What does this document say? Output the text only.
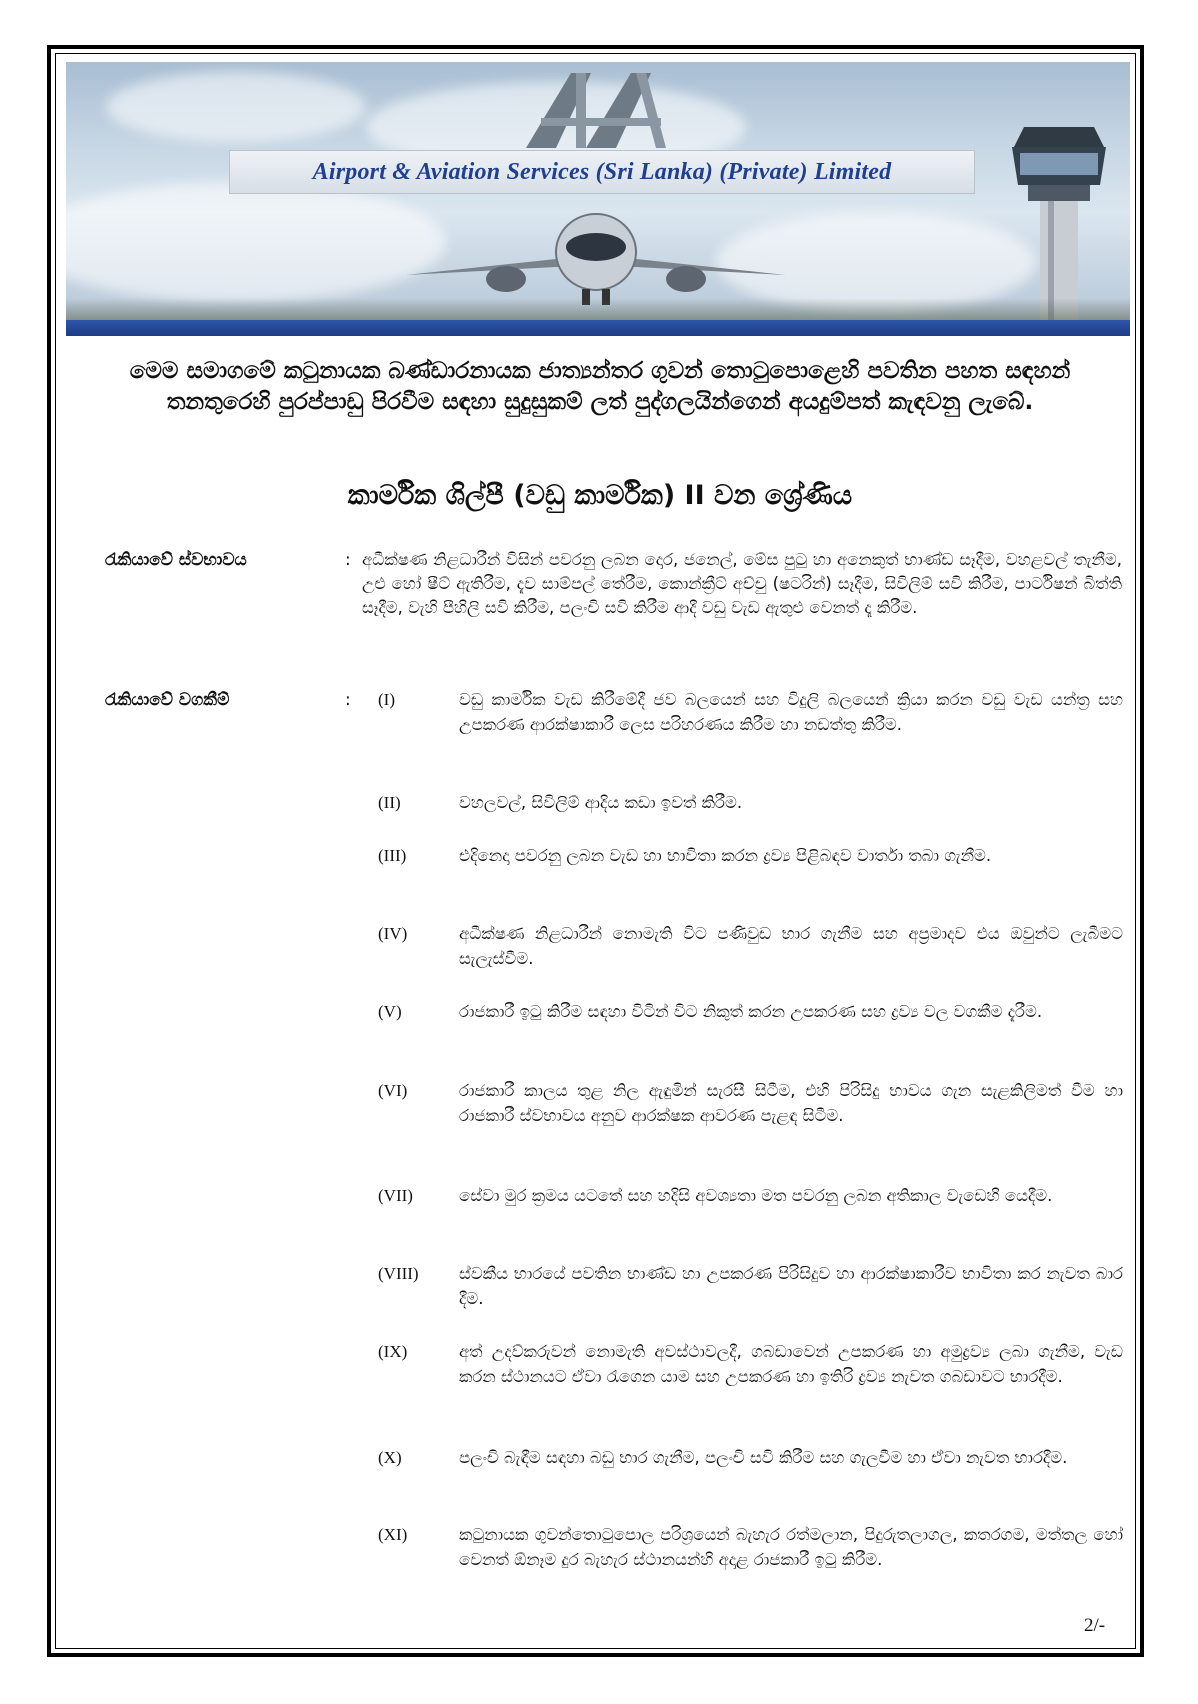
Airport & Aviation Services (Sri Lanka) (Private) Limited
මෙම සමාගමේ කටුනායක බණ්ඩාරනායක ජාත්‍යන්තර ගුවන් තොටුපොළෙහි පවතින පහත සඳහන් තනතුරෙහි පුරප්පාඩු පිරවීම සඳහා සුදුසුකම් ලත් පුද්ගලයින්ගෙන් අයදුම්පත් කැඳවනු ලැබේ.
කාර්මික ශිල්පී (වඩු කාර්මික) II වන ශ්‍රේණිය
රැකියාවේ ස්වභාවය	: අධීක්ෂණ නිළධාරීන් විසින් පවරනු ලබන දොර, ජනෙල්, මේස පුටු හා අනෙකුත් භාණ්ඩ සෑදීම, වහළවල් තැනීම, උළු හෝ ෂීට් ඇතිරීම, දැව සාම්පල් තේරීම, කොන්ක්‍රීට් අච්චු (ෂටරින්) සෑදීම, සිවිලිම් සවි කිරීම, පාර්ටිෂන් බිත්ති සෑදීම, වැහි පීහිලි සවි කිරීම, පලංචි සවි කිරීම ආදී වඩු වැඩ ඇතුළු වෙනත් දෑ කිරීම.
රැකියාවේ වගකීම්	: (I)	වඩු කාර්මික වැඩ කිරීමේදී ජව බලයෙන් සහ විදුලි බලයෙන් ක්‍රියා කරන වඩු වැඩ යන්ත්‍ර සහ උපකරණ ආරක්ෂාකාරී ලෙස පරිහරණය කිරීම හා නඩත්තු කිරීම.
(II)	වහලවල්, සිවිලිම් ආදිය කඩා ඉවත් කිරීම.
(III)	එදිනෙදා පවරනු ලබන වැඩ හා භාවිතා කරන ද්‍රව්‍ය පිළිබඳව වාර්තා තබා ගැනීම.
(IV)	අධීක්ෂණ නිළධාරීන් නොමැති විට පණිවුඩ භාර ගැනීම සහ අප්‍රමාදව එය ඔවුන්ට ලැබීමට සැලැස්වීම.
(V)	රාජකාරී ඉටු කිරීම සඳහා විටින් විට නිකුත් කරන උපකරණ සහ ද්‍රව්‍ය වල වගකීම දැරීම.
(VI)	රාජකාරී කාලය තුළ නිල ඇඳුමින් සැරසී සිටීම, එහි පිරිසිදු භාවය ගැන සැළකිලිමත් වීම හා රාජකාරී ස්වභාවය අනුව ආරක්ෂක ආවරණ පැළඳ සිටීම.
(VII)	සේවා මුර ක්‍රමය යටතේ සහ හදිසි අවශ්‍යතා මත පවරනු ලබන අතිකාල වැඩෙහි යෙදීම.
(VIII) ස්වකීය භාරයේ පවතින භාණ්ඩ හා උපකරණ පිරිසිදුව හා ආරක්ෂාකාරීව භාවිතා කර නැවත බාර දීම.
(IX)	අත් උදව්කරුවන් නොමැති අවස්ථාවලදී, ගබඩාවෙන් උපකරණ හා අමුද්‍රව්‍ය ලබා ගැනීම, වැඩ කරන ස්ථානයට ඒවා රැගෙන යාම සහ උපකරණ හා ඉතිරි ද්‍රව්‍ය නැවත ගබඩාවට භාරදීම.
(X)	පලංචි බැඳීම සඳහා බඩු භාර ගැනීම, පලංචි සවි කිරීම සහ ගැලවීම හා ඒවා නැවත භාරදීම.
(XI)	කටුනායක ගුවන්තොටුපොල පරිශ්‍රයෙන් බැහැර රත්මලාන, පිදුරුතලාගල, කතරගම, මත්තල හෝ වෙනත් ඕනෑම දුර බැහැර ස්ථානයන්හි අදාළ රාජකාරී ඉටු කිරීම.
2/-
